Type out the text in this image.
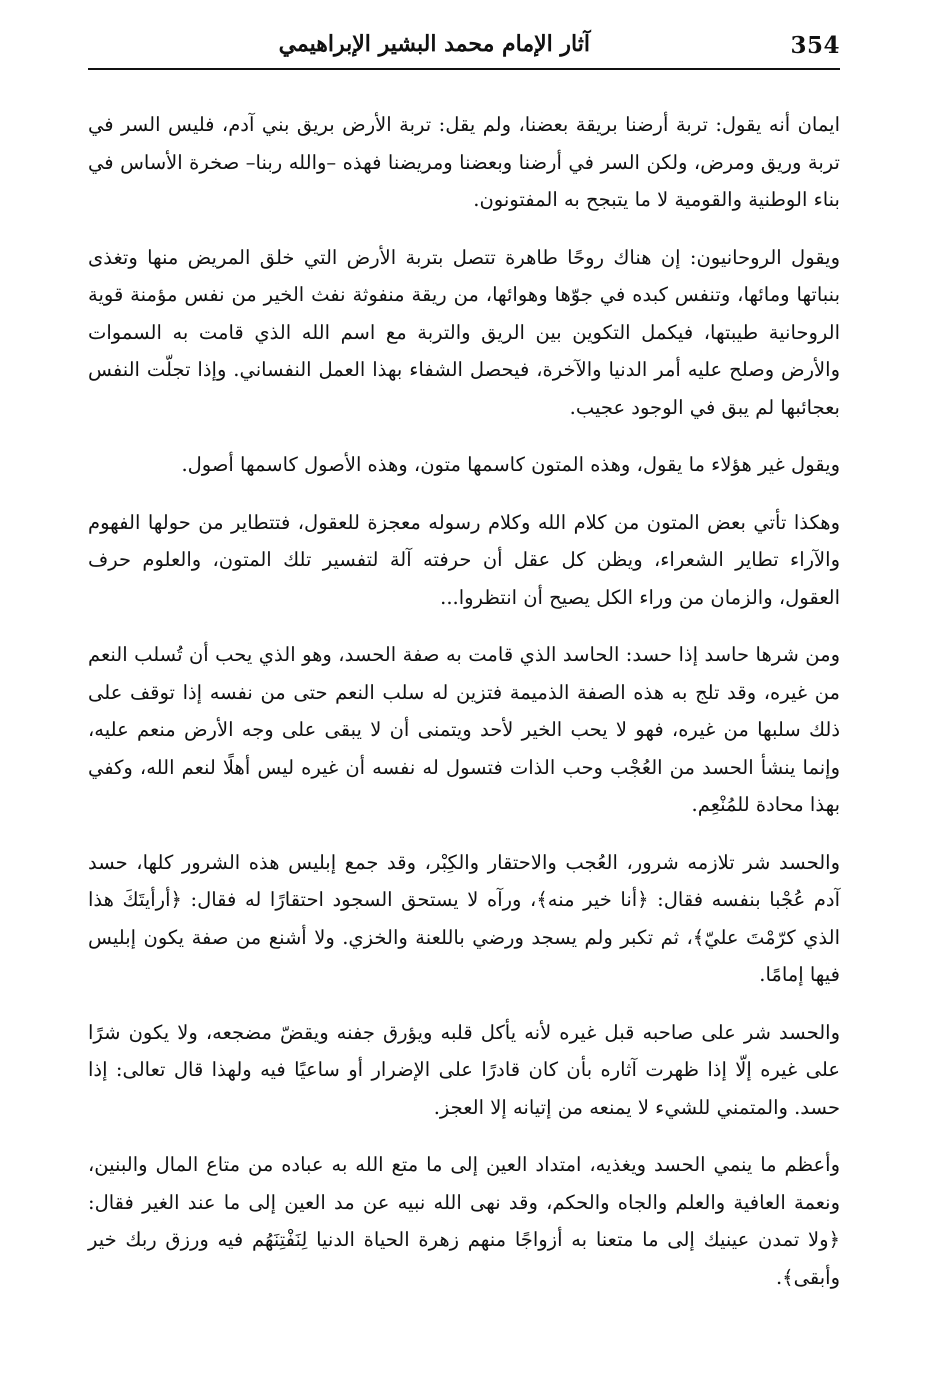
354
آثار الإمام محمد البشير الإبراهيمي

ايمان أنه يقول: تربة أرضنا بريقة بعضنا، ولم يقل: تربة الأرض بريق بني آدم، فليس السر في تربة وريق ومرض، ولكن السر في أرضنا وبعضنا ومريضنا فهذه –والله ربنا– صخرة الأساس في بناء الوطنية والقومية لا ما يتبجح به المفتونون.

ويقول الروحانيون: إن هناك روحًا طاهرة تتصل بتربة الأرض التي خلق المريض منها وتغذى بنباتها ومائها، وتنفس كبده في جوّها وهوائها، من ريقة منفوثة نفث الخير من نفس مؤمنة قوية الروحانية طيبتها، فيكمل التكوين بين الريق والتربة مع اسم الله الذي قامت به السموات والأرض وصلح عليه أمر الدنيا والآخرة، فيحصل الشفاء بهذا العمل النفساني. وإذا تجلّت النفس بعجائبها لم يبق في الوجود عجيب.

ويقول غير هؤلاء ما يقول، وهذه المتون كاسمها متون، وهذه الأصول كاسمها أصول.

وهكذا تأتي بعض المتون من كلام الله وكلام رسوله معجزة للعقول، فتتطاير من حولها الفهوم والآراء تطاير الشعراء، ويظن كل عقل أن حرفته آلة لتفسير تلك المتون، والعلوم حرف العقول، والزمان من وراء الكل يصيح أن انتظروا...

ومن شرها حاسد إذا حسد: الحاسد الذي قامت به صفة الحسد، وهو الذي يحب أن تُسلب النعم من غيره، وقد تلج به هذه الصفة الذميمة فتزين له سلب النعم حتى من نفسه إذا توقف على ذلك سلبها من غيره، فهو لا يحب الخير لأحد ويتمنى أن لا يبقى على وجه الأرض منعم عليه، وإنما ينشأ الحسد من العُجْب وحب الذات فتسول له نفسه أن غيره ليس أهلًا لنعم الله، وكفي بهذا محادة للمُنْعِم.

والحسد شر تلازمه شرور، العُجب والاحتقار والكِبْر، وقد جمع إبليس هذه الشرور كلها، حسد آدم عُجْبا بنفسه فقال: ﴿أنا خير منه﴾، ورآه لا يستحق السجود احتقارًا له فقال: ﴿أرأيتَكَ هذا الذي كرّمْتَ عليّ﴾، ثم تكبر ولم يسجد ورضي باللعنة والخزي. ولا أشنع من صفة يكون إبليس فيها إمامًا.

والحسد شر على صاحبه قبل غيره لأنه يأكل قلبه ويؤرق جفنه ويقضّ مضجعه، ولا يكون شرًا على غيره إلّا إذا ظهرت آثاره بأن كان قادرًا على الإضرار أو ساعيًا فيه ولهذا قال تعالى: إذا حسد. والمتمني للشيء لا يمنعه من إتيانه إلا العجز.

وأعظم ما ينمي الحسد ويغذيه، امتداد العين إلى ما متع الله به عباده من متاع المال والبنين، ونعمة العافية والعلم والجاه والحكم، وقد نهى الله نبيه عن مد العين إلى ما عند الغير فقال: ﴿ولا تمدن عينيك إلى ما متعنا به أزواجًا منهم زهرة الحياة الدنيا لِنَفْتِنَهُم فيه ورزق ربك خير وأبقى﴾.
